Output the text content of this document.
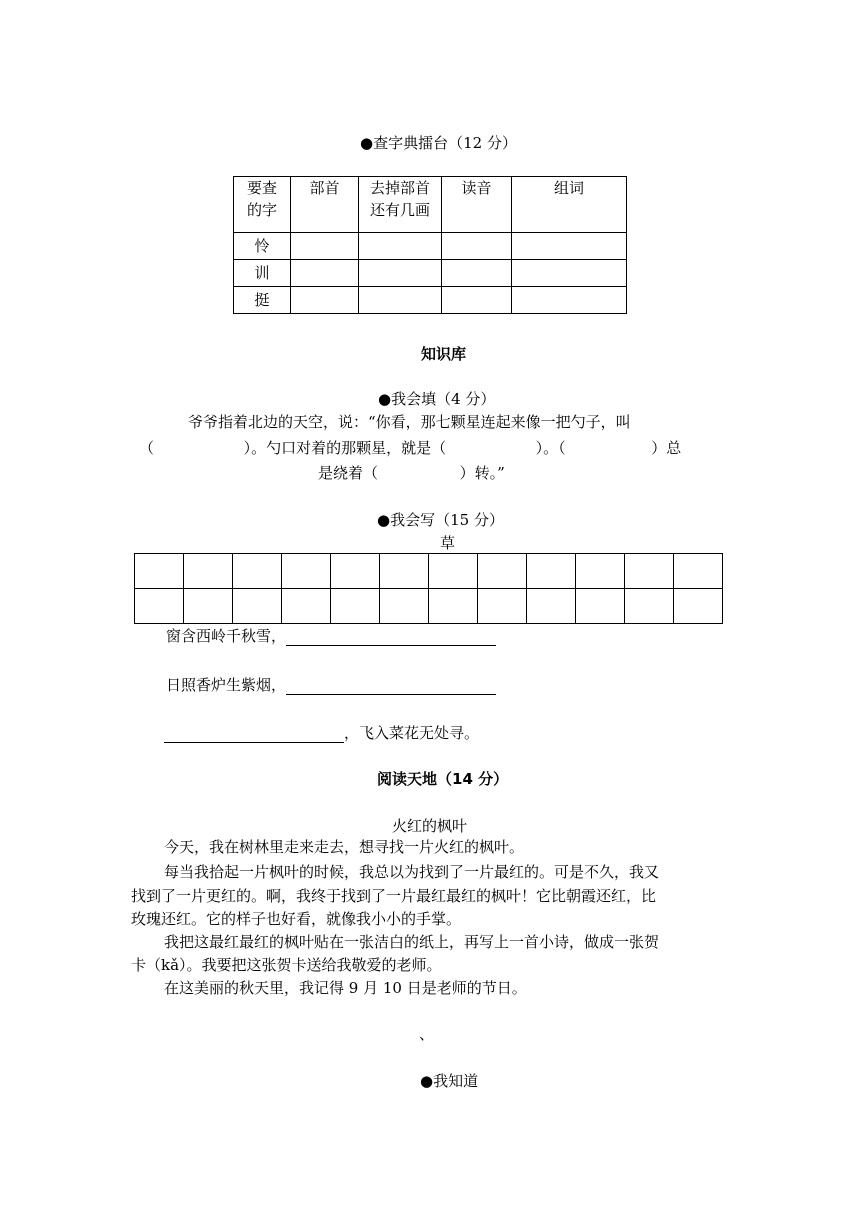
●查字典擂台（12 分）
要查的字	部首	去掉部首还有几画	读音	组词
怜				
训				
挺				
知识库
●我会填（4 分）
爷爷指着北边的天空，说：“你看，那七颗星连起来像一把勺子，叫
（	）。勺口对着的那颗星，就是（	）。（	）总
是绕着（	）转。”
●我会写（15 分）
草

窗含西岭千秋雪，
日照香炉生紫烟，
，飞入菜花无处寻。
阅读天地（14 分）
火红的枫叶
今天，我在树林里走来走去，想寻找一片火红的枫叶。
每当我拾起一片枫叶的时候，我总以为找到了一片最红的。可是不久，我又
找到了一片更红的。啊，我终于找到了一片最红最红的枫叶！它比朝霞还红，比
玫瑰还红。它的样子也好看，就像我小小的手掌。
我把这最红最红的枫叶贴在一张洁白的纸上，再写上一首小诗，做成一张贺
卡（kǎ）。我要把这张贺卡送给我敬爱的老师。
在这美丽的秋天里，我记得 9 月 10 日是老师的节日。
、
●我知道
